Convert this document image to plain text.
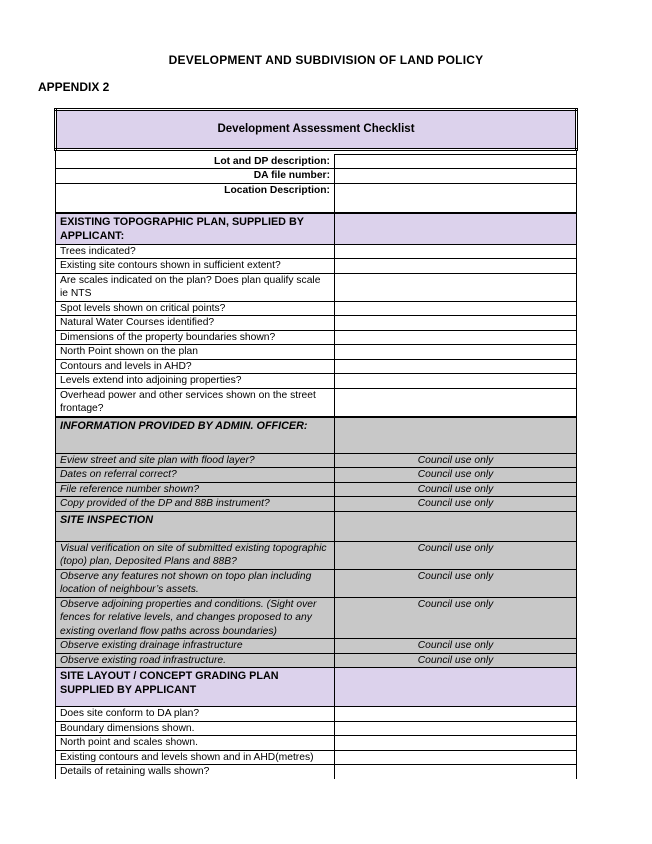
DEVELOPMENT AND SUBDIVISION OF LAND POLICY
APPENDIX 2
Development Assessment Checklist	

Lot and DP description:	
DA file number:	
Location Description:	
EXISTING TOPOGRAPHIC PLAN, SUPPLIED BY APPLICANT:	
Trees indicated?	
Existing site contours shown in sufficient extent?	
Are scales indicated on the plan? Does plan qualify scale ie NTS	
Spot levels shown on critical points?	
Natural Water Courses identified?	
Dimensions of the property boundaries shown?	
North Point shown on the plan	
Contours and levels in AHD?	
Levels extend into adjoining properties?	
Overhead power and other services shown on the street frontage?	
INFORMATION PROVIDED BY ADMIN. OFFICER:	
Eview street and site plan with flood layer?	Council use only
Dates on referral correct?	Council use only
File reference number shown?	Council use only
Copy provided of the DP and 88B instrument?	Council use only
SITE INSPECTION	
Visual verification on site of submitted existing topographic (topo) plan, Deposited Plans and 88B?	Council use only
Observe any features not shown on topo plan including location of neighbour’s assets.	Council use only
Observe adjoining properties and conditions. (Sight over fences for relative levels, and changes proposed to any existing overland flow paths across boundaries)	Council use only
Observe existing drainage infrastructure	Council use only
Observe existing road infrastructure.	Council use only
SITE LAYOUT / CONCEPT GRADING PLAN SUPPLIED BY APPLICANT	
Does site conform to DA plan?	
Boundary dimensions shown.	
North point and scales shown.	
Existing contours and levels shown and in AHD(metres)	
Details of retaining walls shown?	
